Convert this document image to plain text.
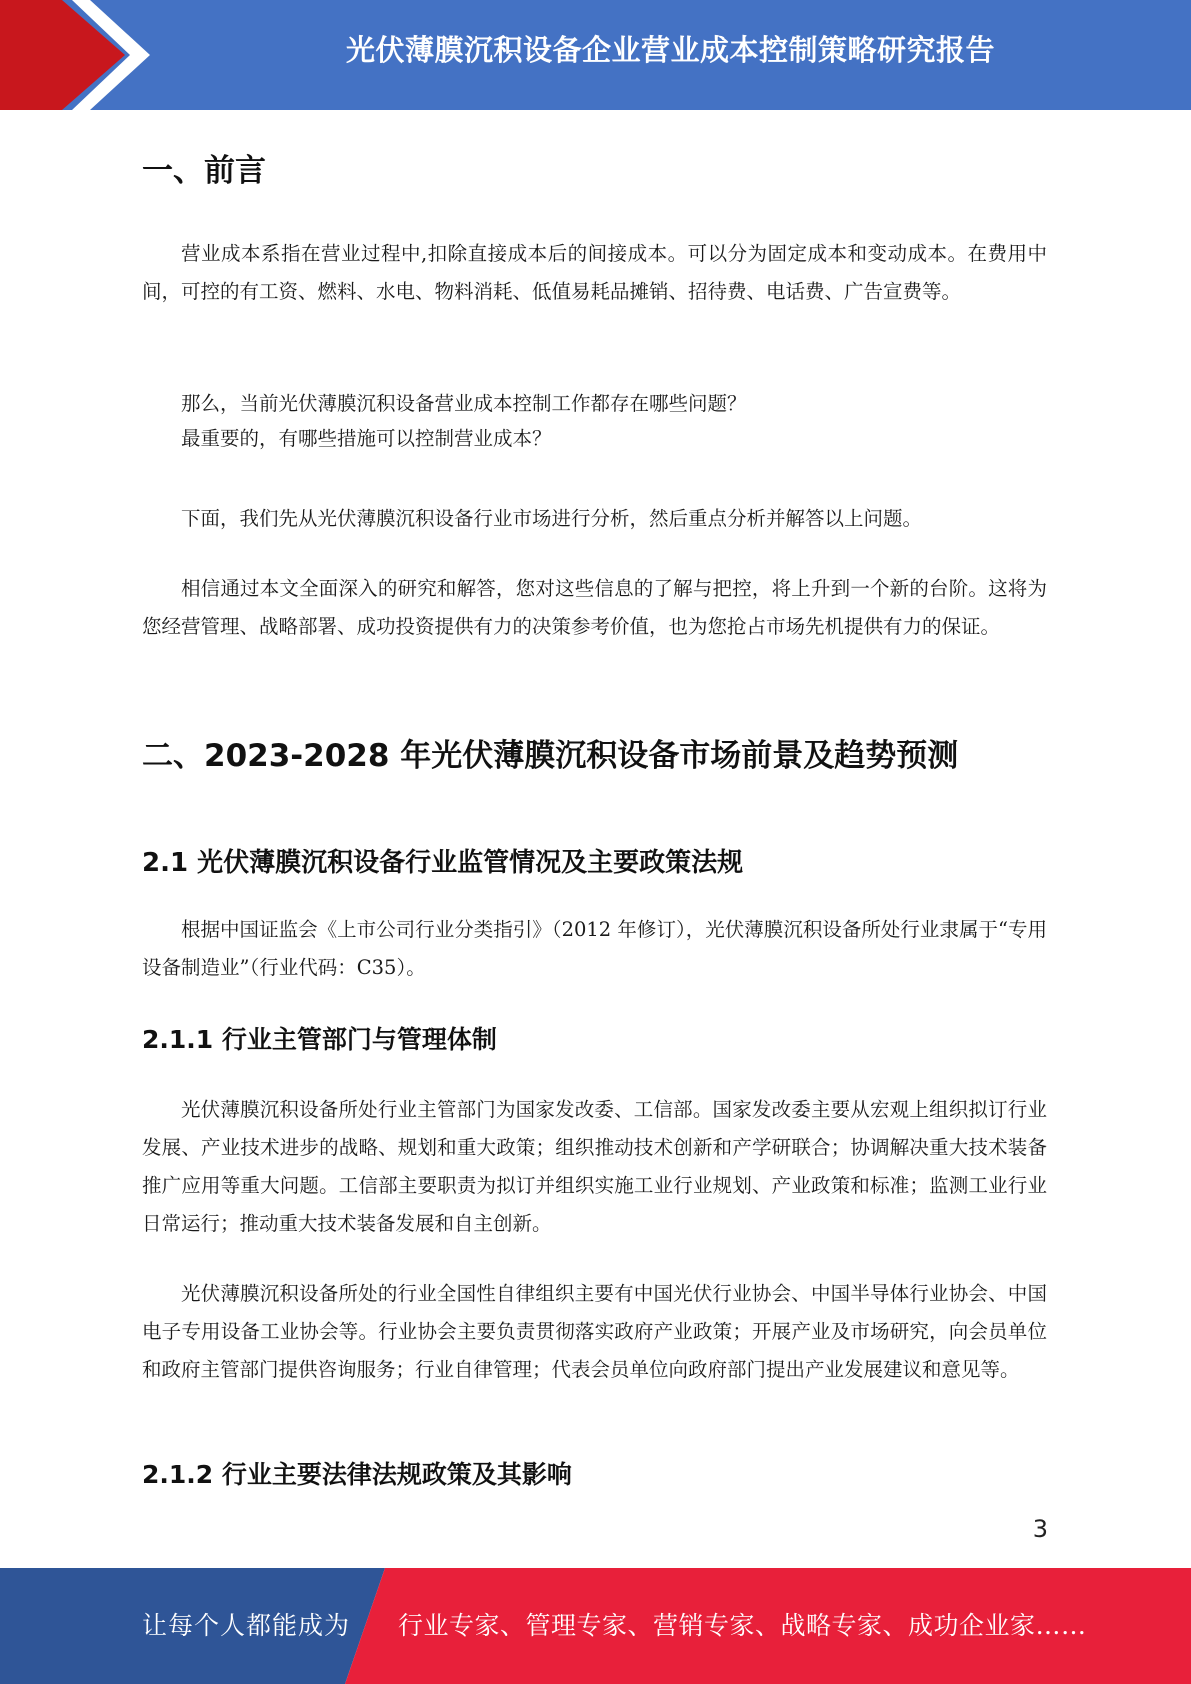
光伏薄膜沉积设备企业营业成本控制策略研究报告
一、前言

营业成本系指在营业过程中,扣除直接成本后的间接成本。可以分为固定成本和变动成本。在费用中间，可控的有工资、燃料、水电、物料消耗、低值易耗品摊销、招待费、电话费、广告宣费等。

那么，当前光伏薄膜沉积设备营业成本控制工作都存在哪些问题？

最重要的，有哪些措施可以控制营业成本？

下面，我们先从光伏薄膜沉积设备行业市场进行分析，然后重点分析并解答以上问题。

相信通过本文全面深入的研究和解答，您对这些信息的了解与把控，将上升到一个新的台阶。这将为您经营管理、战略部署、成功投资提供有力的决策参考价值，也为您抢占市场先机提供有力的保证。

二、2023-2028 年光伏薄膜沉积设备市场前景及趋势预测
2.1 光伏薄膜沉积设备行业监管情况及主要政策法规

根据中国证监会《上市公司行业分类指引》（2012 年修订），光伏薄膜沉积设备所处行业隶属于“专用设备制造业”（行业代码：C35）。

2.1.1 行业主管部门与管理体制

光伏薄膜沉积设备所处行业主管部门为国家发改委、工信部。国家发改委主要从宏观上组织拟订行业发展、产业技术进步的战略、规划和重大政策；组织推动技术创新和产学研联合；协调解决重大技术装备推广应用等重大问题。工信部主要职责为拟订并组织实施工业行业规划、产业政策和标准；监测工业行业日常运行；推动重大技术装备发展和自主创新。

光伏薄膜沉积设备所处的行业全国性自律组织主要有中国光伏行业协会、中国半导体行业协会、中国电子专用设备工业协会等。行业协会主要负责贯彻落实政府产业政策；开展产业及市场研究，向会员单位和政府主管部门提供咨询服务；行业自律管理；代表会员单位向政府部门提出产业发展建议和意见等。

2.1.2 行业主要法律法规政策及其影响
3
让每个人都能成为 行业专家、管理专家、营销专家、战略专家、成功企业家……
